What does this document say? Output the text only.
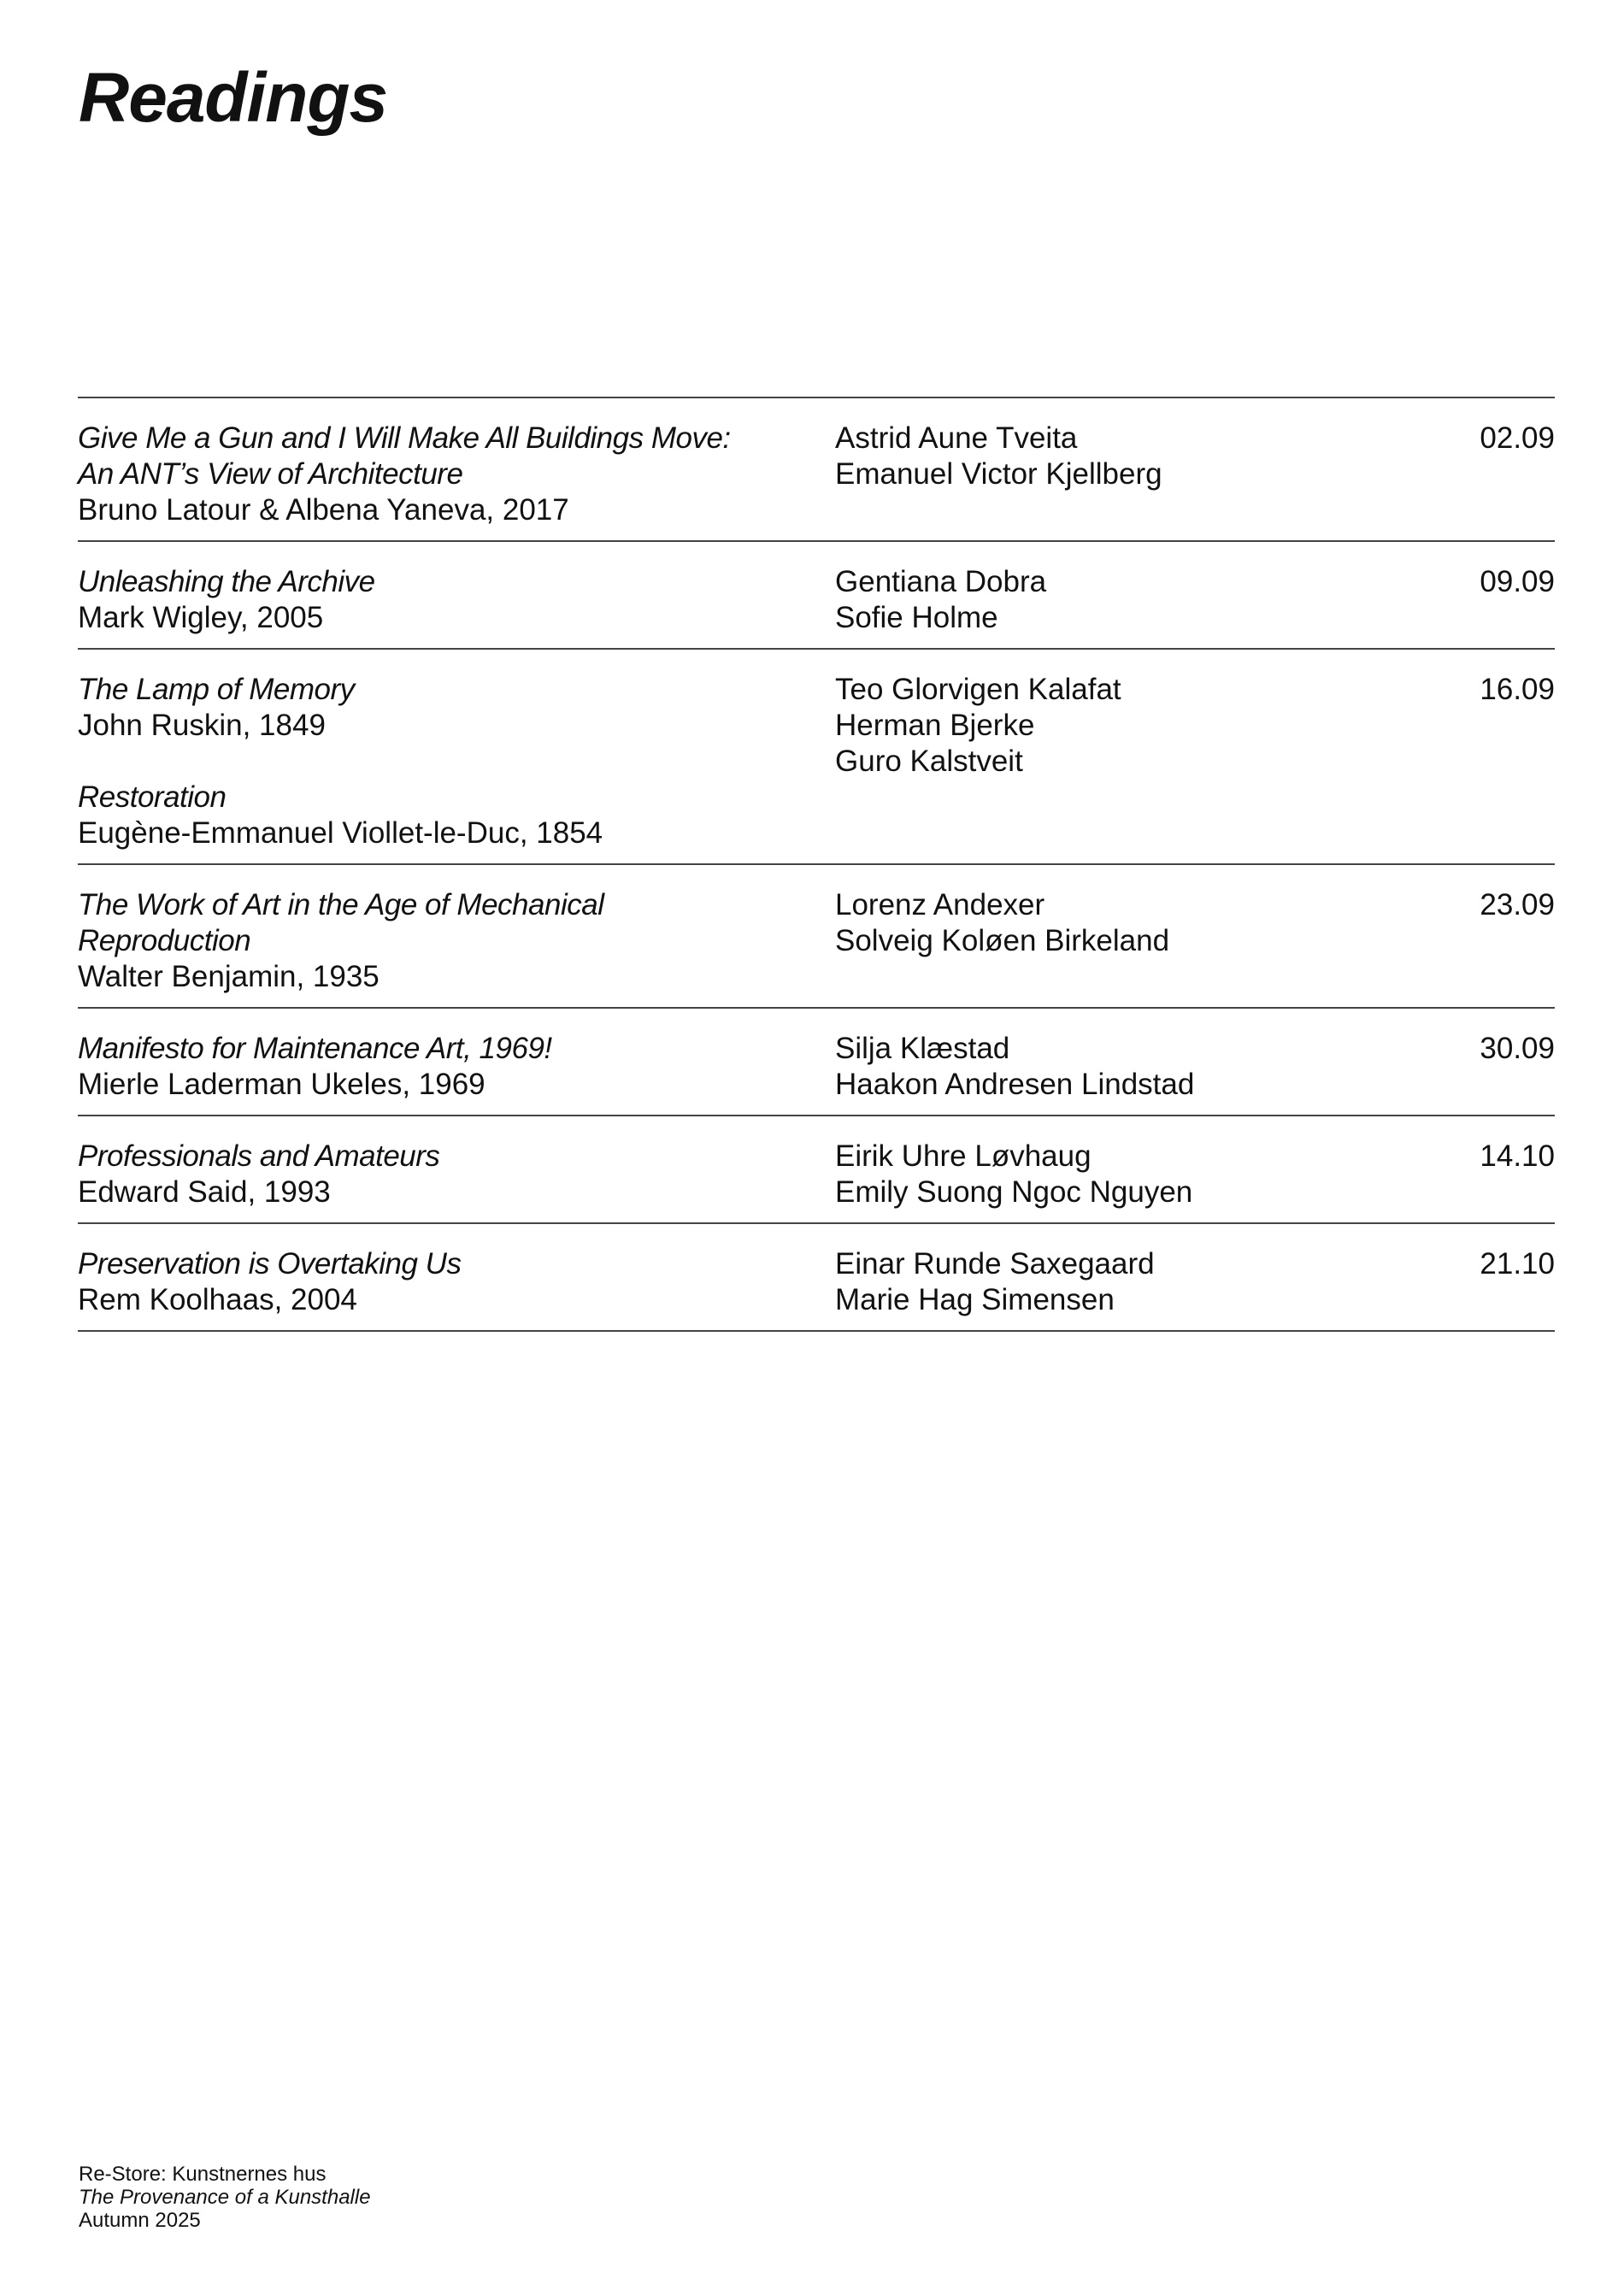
Readings
Give Me a Gun and I Will Make All Buildings Move:
An ANT’s View of Architecture
Bruno Latour & Albena Yaneva, 2017
Astrid Aune Tveita
Emanuel Victor Kjellberg
02.09
Unleashing the Archive
Mark Wigley, 2005
Gentiana Dobra
Sofie Holme
09.09
The Lamp of Memory
John Ruskin, 1849
Restoration
Eugène-Emmanuel Viollet-le-Duc, 1854
Teo Glorvigen Kalafat
Herman Bjerke
Guro Kalstveit
16.09
The Work of Art in the Age of Mechanical
Reproduction
Walter Benjamin, 1935
Lorenz Andexer
Solveig Koløen Birkeland
23.09
Manifesto for Maintenance Art, 1969!
Mierle Laderman Ukeles, 1969
Silja Klæstad
Haakon Andresen Lindstad
30.09
Professionals and Amateurs
Edward Said, 1993
Eirik Uhre Løvhaug
Emily Suong Ngoc Nguyen
14.10
Preservation is Overtaking Us
Rem Koolhaas, 2004
Einar Runde Saxegaard
Marie Hag Simensen
21.10
Re-Store: Kunstnernes hus
The Provenance of a Kunsthalle
Autumn 2025
